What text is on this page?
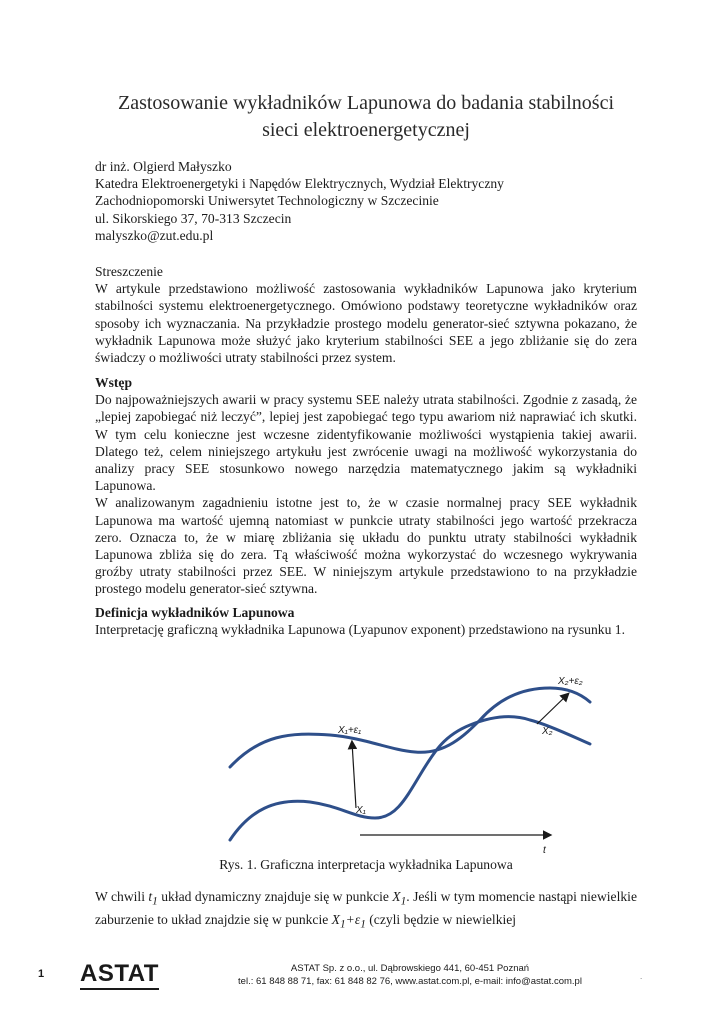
Zastosowanie wykładników Lapunowa do badania stabilności
sieci elektroenergetycznej
dr inż. Olgierd Małyszko
Katedra Elektroenergetyki i Napędów Elektrycznych, Wydział Elektryczny
Zachodniopomorski Uniwersytet Technologiczny w Szczecinie
ul. Sikorskiego 37, 70-313 Szczecin
malyszko@zut.edu.pl
Streszczenie

W artykule przedstawiono możliwość zastosowania wykładników Lapunowa jako kryterium stabilności systemu elektroenergetycznego. Omówiono podstawy teoretyczne wykładników oraz sposoby ich wyznaczania. Na przykładzie prostego modelu generator-sieć sztywna pokazano, że wykładnik Lapunowa może służyć jako kryterium stabilności SEE a jego zbliżanie się do zera świadczy o możliwości utraty stabilności przez system.

Wstęp

Do najpoważniejszych awarii w pracy systemu SEE należy utrata stabilności. Zgodnie z zasadą, że „lepiej zapobiegać niż leczyć”, lepiej jest zapobiegać tego typu awariom niż naprawiać ich skutki. W tym celu konieczne jest wczesne zidentyfikowanie możliwości wystąpienia takiej awarii. Dlatego też, celem niniejszego artykułu jest zwrócenie uwagi na możliwość wykorzystania do analizy pracy SEE stosunkowo nowego narzędzia matematycznego jakim są wykładniki Lapunowa.

W analizowanym zagadnieniu istotne jest to, że w czasie normalnej pracy SEE wykładnik Lapunowa ma wartość ujemną natomiast w punkcie utraty stabilności jego wartość przekracza zero. Oznacza to, że w miarę zbliżania się układu do punktu utraty stabilności wykładnik Lapunowa zbliża się do zera. Tą właściwość można wykorzystać do wczesnego wykrywania groźby utraty stabilności przez SEE. W niniejszym artykule przedstawiono to na przykładzie prostego modelu generator-sieć sztywna.

Definicja wykładników Lapunowa

Interpretację graficzną wykładnika Lapunowa (Lyapunov exponent) przedstawiono na rysunku 1.

X₂+ε₂
X₁+ε₁	X₂
X₁
t
Rys. 1. Graficzna interpretacja wykładnika Lapunowa

W chwili $t_1$ układ dynamiczny znajduje się w punkcie $X_1$. Jeśli w tym momencie nastąpi niewielkie zaburzenie to układ znajdzie się w punkcie $X_1+\varepsilon_1$ (czyli będzie w niewielkiej

1 ASTAT	ASTAT Sp. z o.o., ul. Dąbrowskiego 441, 60-451 Poznań
tel.: 61 848 88 71, fax: 61 848 82 76, www.astat.com.pl, e-mail: info@astat.com.pl	.
